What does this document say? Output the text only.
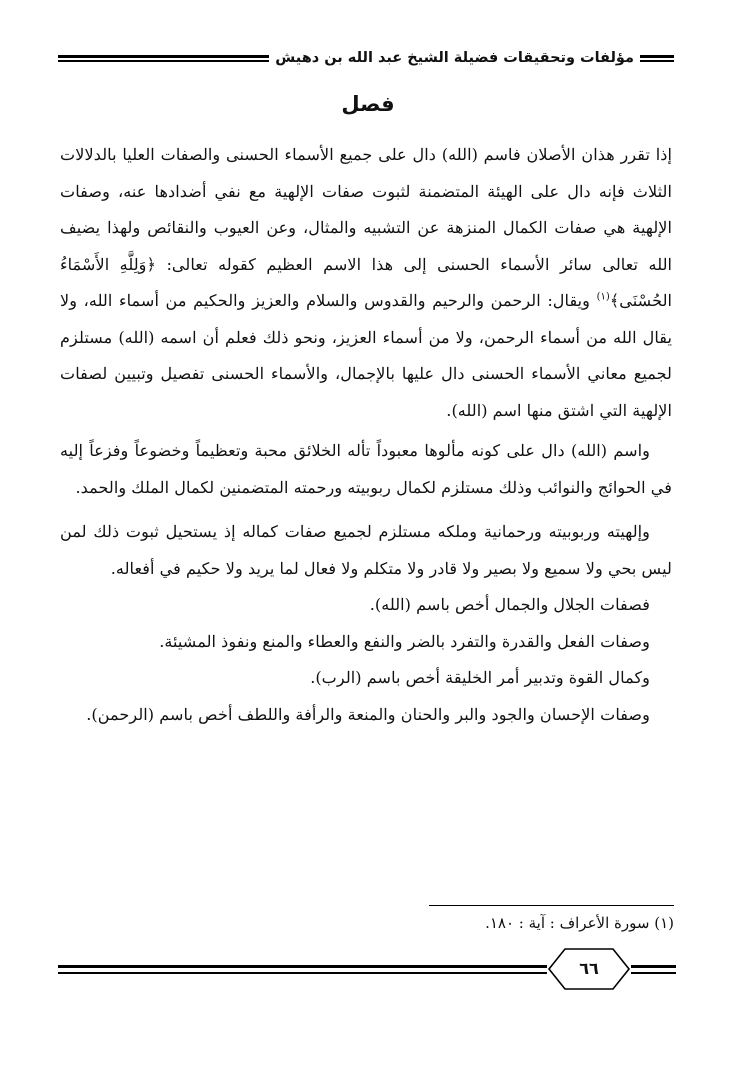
مؤلفات وتحقيقات فضيلة الشيخ عبد الله بن دهيش
فصل

إذا تقرر هذان الأصلان فاسم (الله) دال على جميع الأسماء الحسنى والصفات العليا بالدلالات الثلاث فإنه دال على الهيئة المتضمنة لثبوت صفات الإلهية مع نفي أضدادها عنه، وصفات الإلهية هي صفات الكمال المنزهة عن التشبيه والمثال، وعن العيوب والنقائص ولهذا يضيف الله تعالى سائر الأسماء الحسنى إلى هذا الاسم العظيم كقوله تعالى: ﴿وَلِلَّهِ الأَسْمَاءُ الحُسْنَى﴾$^{(١)}$ ويقال: الرحمن والرحيم والقدوس والسلام والعزيز والحكيم من أسماء الله، ولا يقال الله من أسماء الرحمن، ولا من أسماء العزيز، ونحو ذلك فعلم أن اسمه (الله) مستلزم لجميع معاني الأسماء الحسنى دال عليها بالإجمال، والأسماء الحسنى تفصيل وتبيين لصفات الإلهية التي اشتق منها اسم (الله).

واسم (الله) دال على كونه مألوها معبوداً تأله الخلائق محبة وتعظيماً وخضوعاً وفزعاً إليه في الحوائج والنوائب وذلك مستلزم لكمال ربوبيته ورحمته المتضمنين لكمال الملك والحمد.

وإلهيته وربوبيته ورحمانية وملكه مستلزم لجميع صفات كماله إذ يستحيل ثبوت ذلك لمن ليس بحي ولا سميع ولا بصير ولا قادر ولا متكلم ولا فعال لما يريد ولا حكيم في أفعاله.

فصفات الجلال والجمال أخص باسم (الله).

وصفات الفعل والقدرة والتفرد بالضر والنفع والعطاء والمنع ونفوذ المشيئة.

وكمال القوة وتدبير أمر الخليقة أخص باسم (الرب).

وصفات الإحسان والجود والبر والحنان والمنعة والرأفة واللطف أخص باسم (الرحمن).

(١) سورة الأعراف : آية : ١٨٠.
٦٦
